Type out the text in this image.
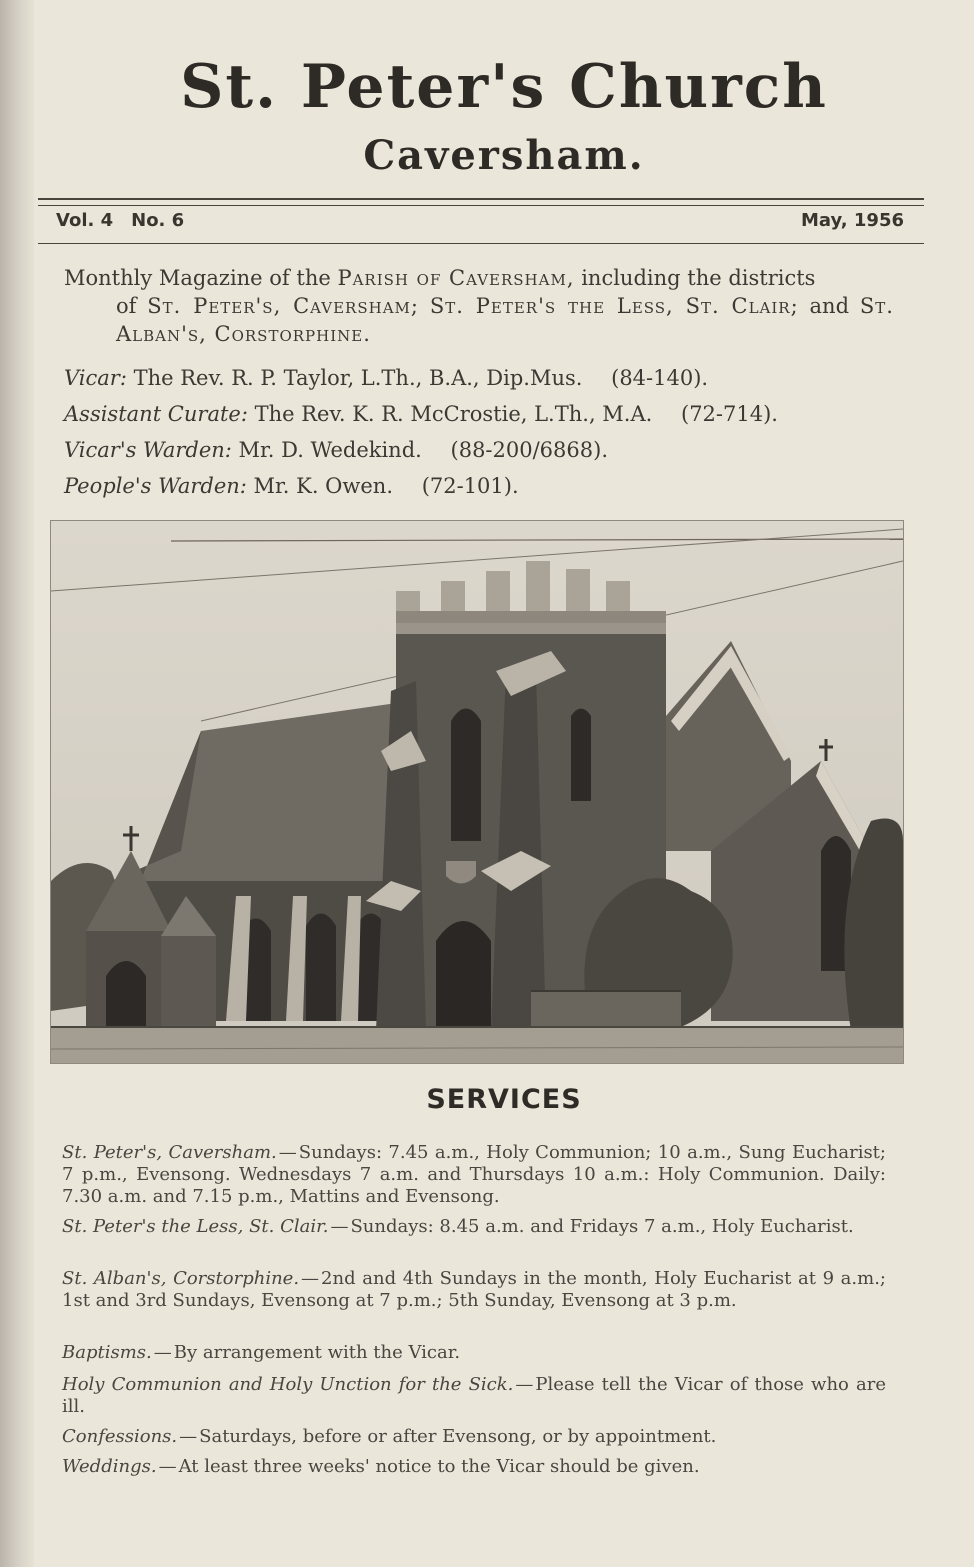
St. Peter's Church
Caversham.
Vol. 4 No. 6	May, 1956
Monthly Magazine of the Parish of Caversham, including the districts
of St. Peter's, Caversham; St. Peter's the Less, St. Clair; and St. Alban's, Corstorphine.
Vicar: The Rev. R. P. Taylor, L.Th., B.A., Dip.Mus. (84-140).
Assistant Curate: The Rev. K. R. McCrostie, L.Th., M.A. (72-714).
Vicar's Warden: Mr. D. Wedekind. (88-200/6868).
People's Warden: Mr. K. Owen. (72-101).
SERVICES

St. Peter's, Caversham. — Sundays: 7.45 a.m., Holy Communion; 10 a.m., Sung Eucharist; 7 p.m., Evensong. Wednesdays 7 a.m. and Thursdays 10 a.m.: Holy Communion. Daily: 7.30 a.m. and 7.15 p.m., Mattins and Evensong.

St. Peter's the Less, St. Clair. — Sundays: 8.45 a.m. and Fridays 7 a.m., Holy Eucharist.

St. Alban's, Corstorphine. — 2nd and 4th Sundays in the month, Holy Eucharist at 9 a.m.; 1st and 3rd Sundays, Evensong at 7 p.m.; 5th Sunday, Evensong at 3 p.m.

Baptisms. — By arrangement with the Vicar.

Holy Communion and Holy Unction for the Sick. — Please tell the Vicar of those who are ill.

Confessions. — Saturdays, before or after Evensong, or by appointment.

Weddings. — At least three weeks' notice to the Vicar should be given.
